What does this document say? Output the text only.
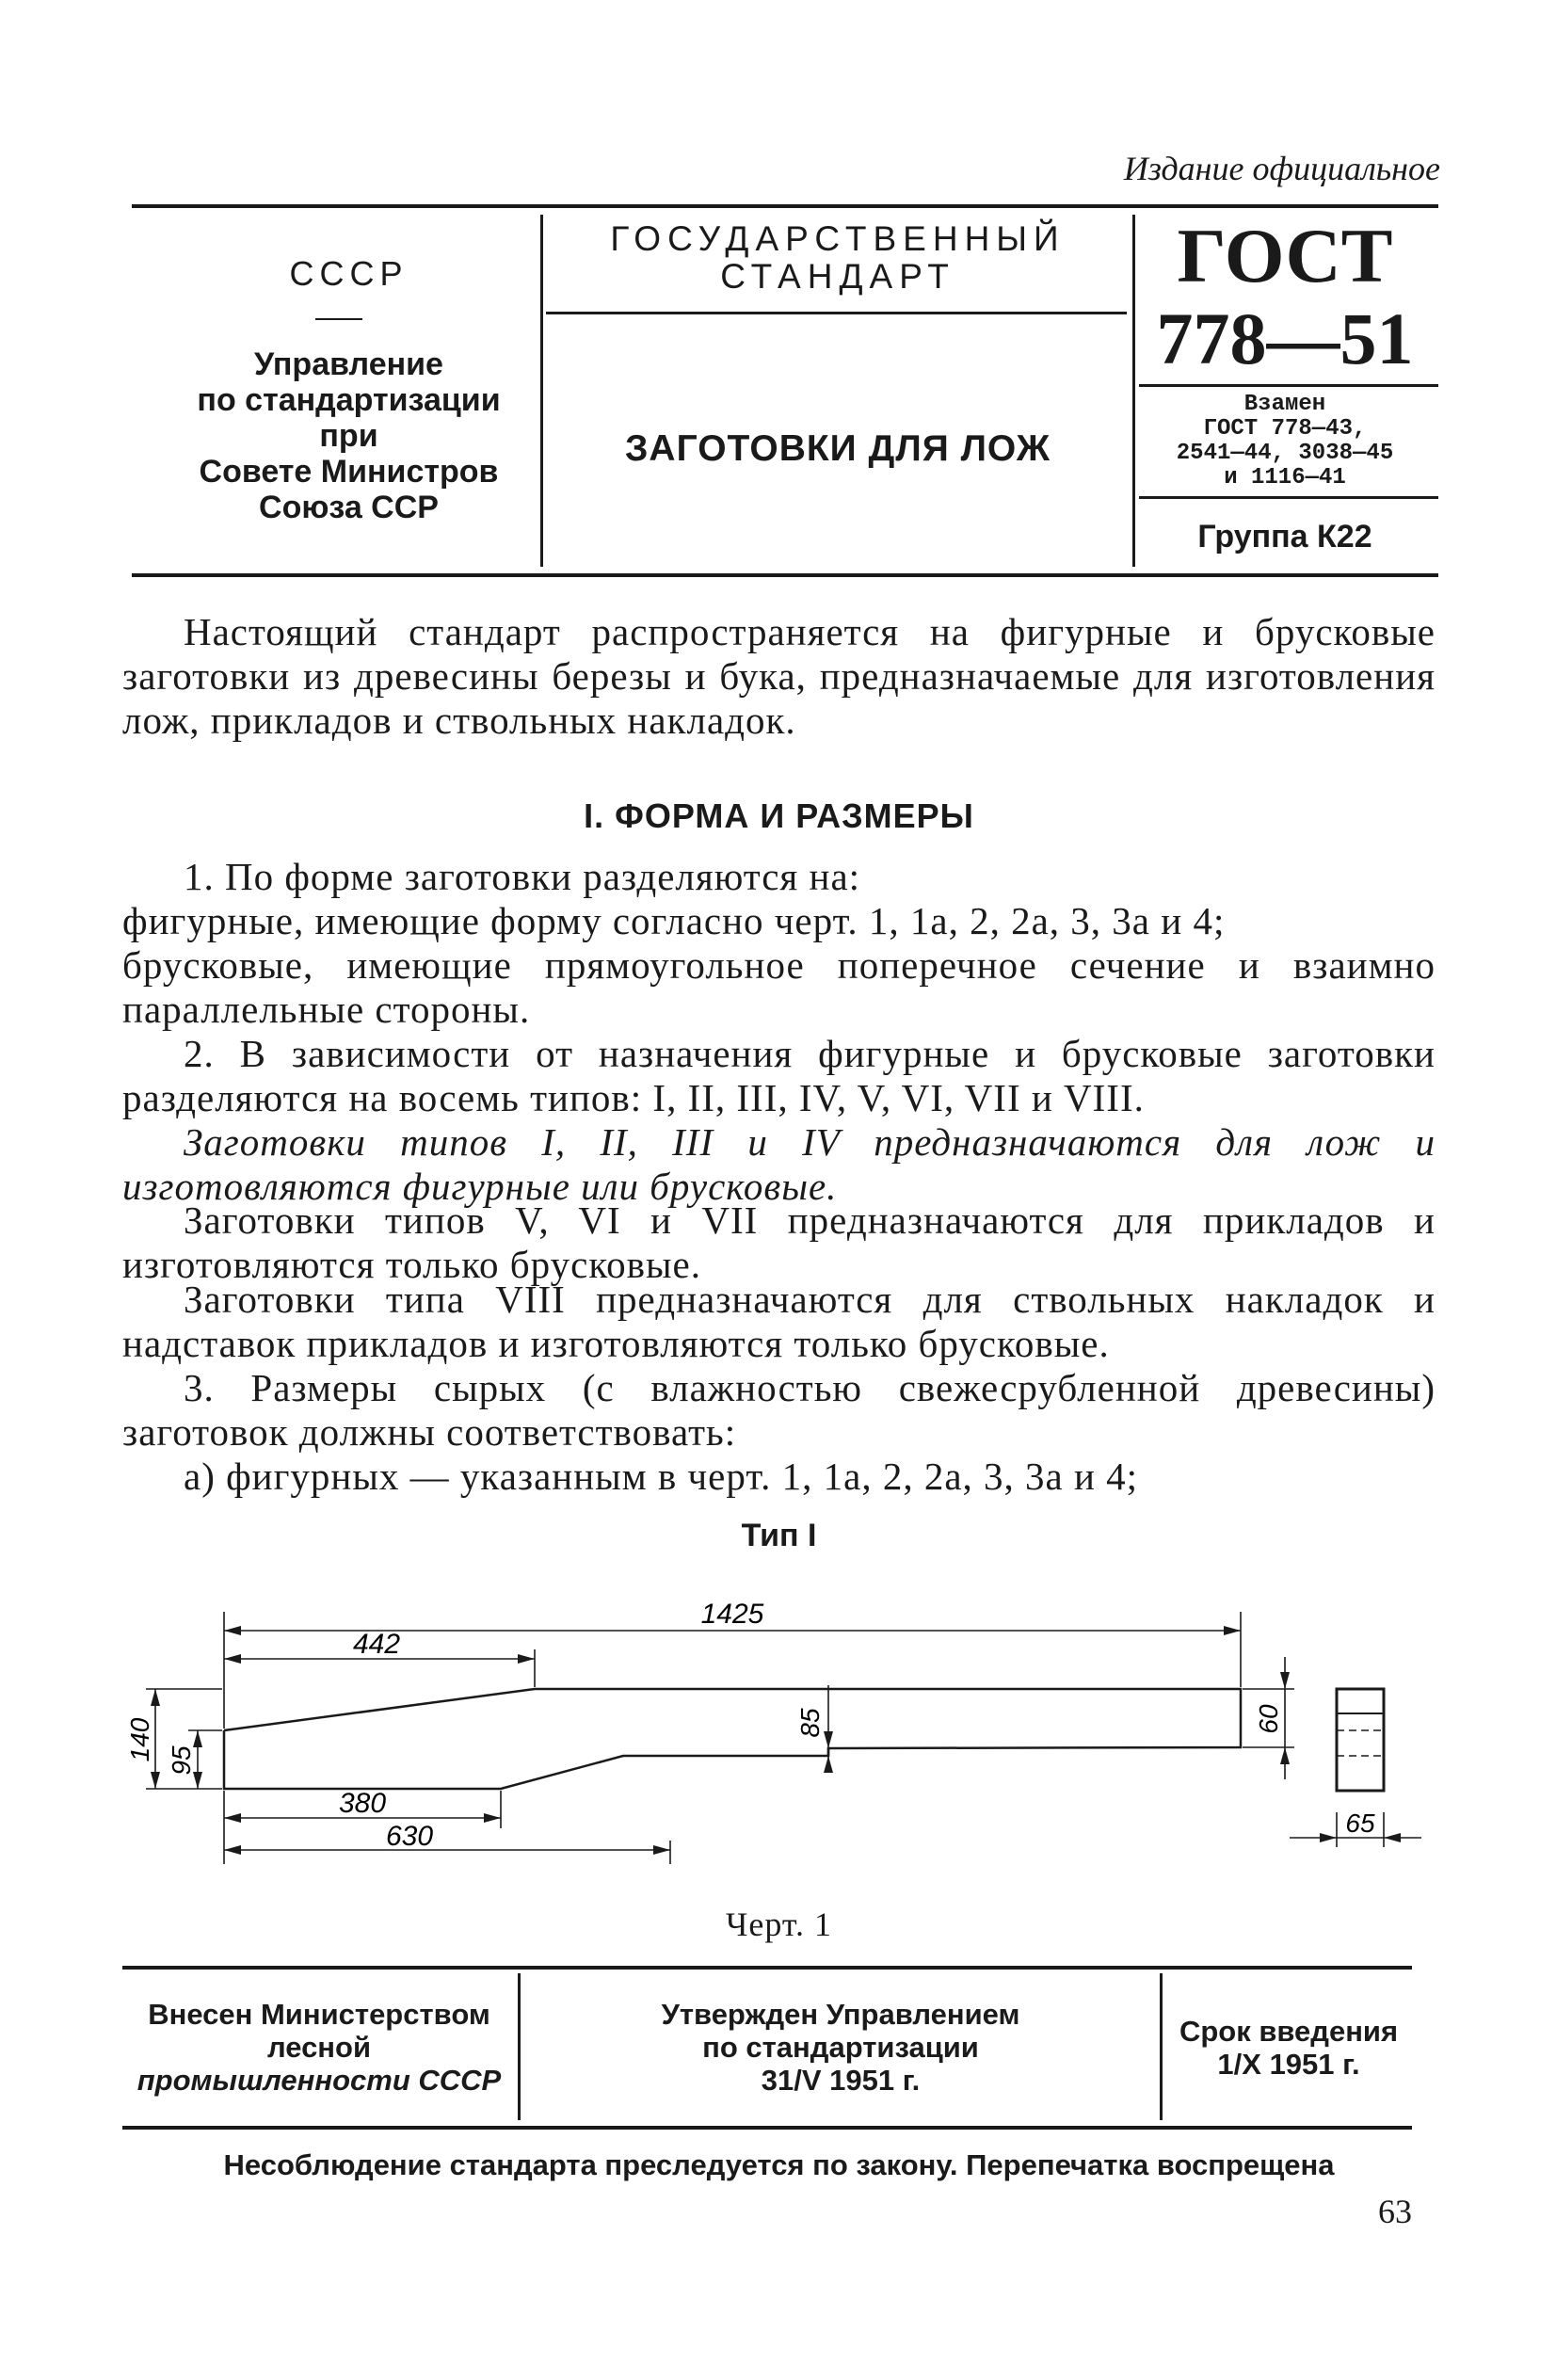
Издание официальное
СССР
Управление
по стандартизации
при
Совете Министров
Союза ССР
ГОСУДАРСТВЕННЫЙ
СТАНДАРТ
ЗАГОТОВКИ ДЛЯ ЛОЖ
ГОСТ
778—51
Взамен
ГОСТ 778—43,
2541—44, 3038—45
и 1116—41
Группа К22

Настоящий стандарт распространяется на фигурные и брусковые заготовки из древесины березы и бука, предназначаемые для изготовления лож, прикладов и ствольных накладок.

I. ФОРМА И РАЗМЕРЫ

1. По форме заготовки разделяются на:

фигурные, имеющие форму согласно черт. 1, 1а, 2, 2а, 3, 3а и 4;

брусковые, имеющие прямоугольное поперечное сечение и взаимно параллельные стороны.

2. В зависимости от назначения фигурные и брусковые заготовки разделяются на восемь типов: I, II, III, IV, V, VI, VII и VIII.

Заготовки типов I, II, III и IV предназначаются для лож и изготовляются фигурные или брусковые.

Заготовки типов V, VI и VII предназначаются для прикладов и изготовляются только брусковые.

Заготовки типа VIII предназначаются для ствольных накладок и надставок прикладов и изготовляются только брусковые.

3. Размеры сырых (с влажностью свежесрубленной древесины) заготовок должны соответствовать:

а) фигурных — указанным в черт. 1, 1а, 2, 2а, 3, 3а и 4;

Тип I
1425
442
380
630
140 95
85	60
65
Черт. 1
Внесен Министерством
лесной
промышленности СССР
Утвержден Управлением
по стандартизации
31/V 1951 г.
Срок введения
1/X 1951 г.
Несоблюдение стандарта преследуется по закону. Перепечатка воспрещена
63
